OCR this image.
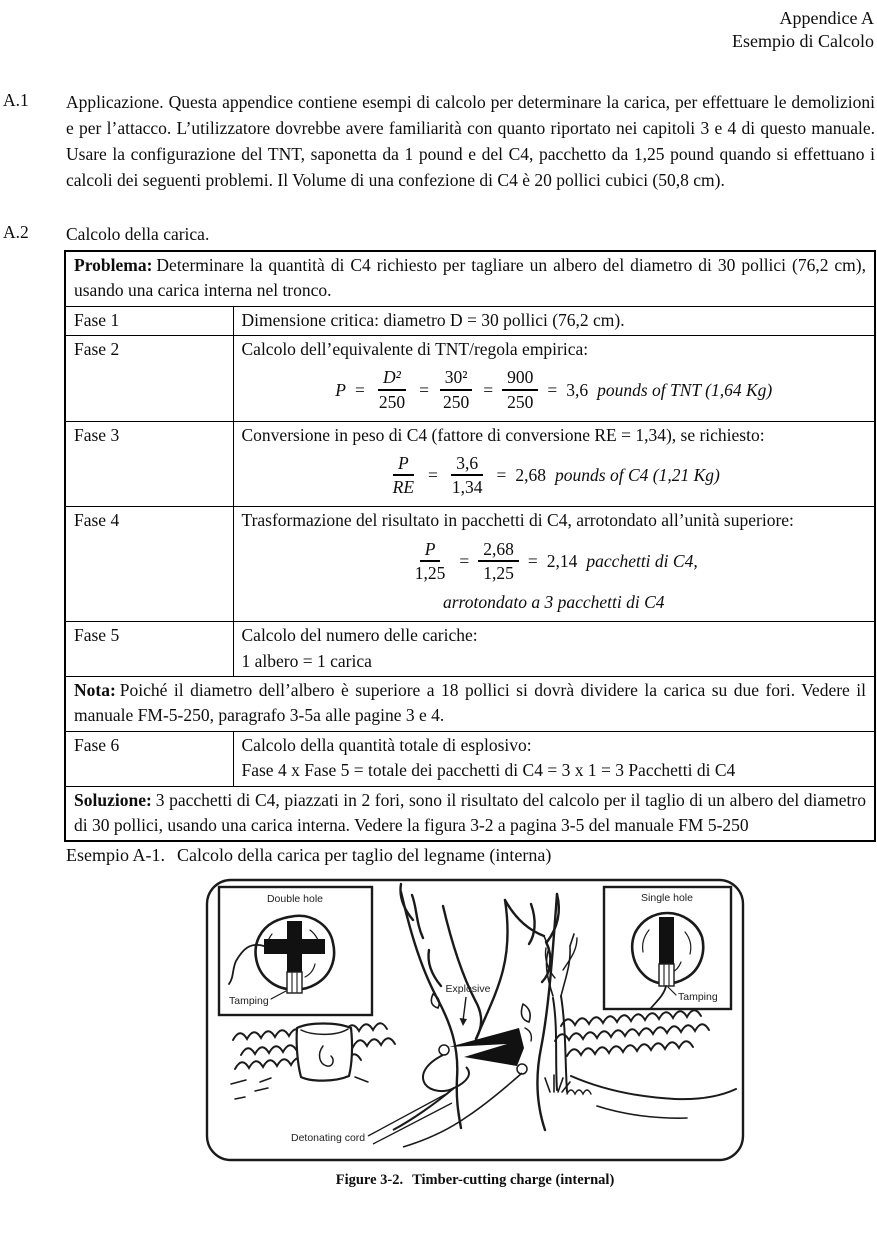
Appendice A
Esempio di Calcolo
A.1	Applicazione. Questa appendice contiene esempi di calcolo per determinare la carica, per effettuare le demolizioni e per l’attacco. L’utilizzatore dovrebbe avere familiarità con quanto riportato nei capitoli 3 e 4 di questo manuale. Usare la configurazione del TNT, saponetta da 1 pound e del C4, pacchetto da 1,25 pound quando si effettuano i calcoli dei seguenti problemi. Il Volume di una confezione di C4 è 20 pollici cubici (50,8 cm).
A.2	Calcolo della carica.
Problema: Determinare la quantità di C4 richiesto per tagliare un albero del diametro di 30 pollici (76,2 cm), usando una carica interna nel tronco.	
Fase 1	Dimensione critica: diametro D = 30 pollici (76,2 cm).
Fase 2	Calcolo dell’equivalente di TNT/regola empirica:
$P = \frac{\text{D²}}{250} = \frac{\text{30²}}{250} = \frac{900}{250} = 3,6$ pounds of TNT (1,64 Kg)

Fase 3	Conversione in peso di C4 (fattore di conversione RE = 1,34), se richiesto:
$\frac{P}{RE} = \frac{3,6}{1,34} = 2,68$ pounds of C4 (1,21 Kg)

Fase 4	Trasformazione del risultato in pacchetti di C4, arrotondato all’unità superiore:
$\frac{P}{1,25} = \frac{2,68}{1,25} = 2,14$ pacchetti di C4,
arrotondato a 3 pacchetti di C4

Fase 5	Calcolo del numero delle cariche:
1 albero = 1 carica

Nota: Poiché il diametro dell’albero è superiore a 18 pollici si dovrà dividere la carica su due fori. Vedere il manuale FM-5-250, paragrafo 3-5a alle pagine 3 e 4.	
Fase 6	Calcolo della quantità totale di esplosivo:
Fase 4 x Fase 5 = totale dei pacchetti di C4 = 3 x 1 = 3 Pacchetti di C4

Soluzione: 3 pacchetti di C4, piazzati in 2 fori, sono il risultato del calcolo per il taglio di un albero del diametro di 30 pollici, usando una carica interna. Vedere la figura 3-2 a pagina 3-5 del manuale FM 5-250	
Esempio A-1. Calcolo della carica per taglio del legname (interna)
Double hole
Tamping
Single hole
Tamping
Explosive
Detonating cord
Figure 3-2. Timber-cutting charge (internal)
